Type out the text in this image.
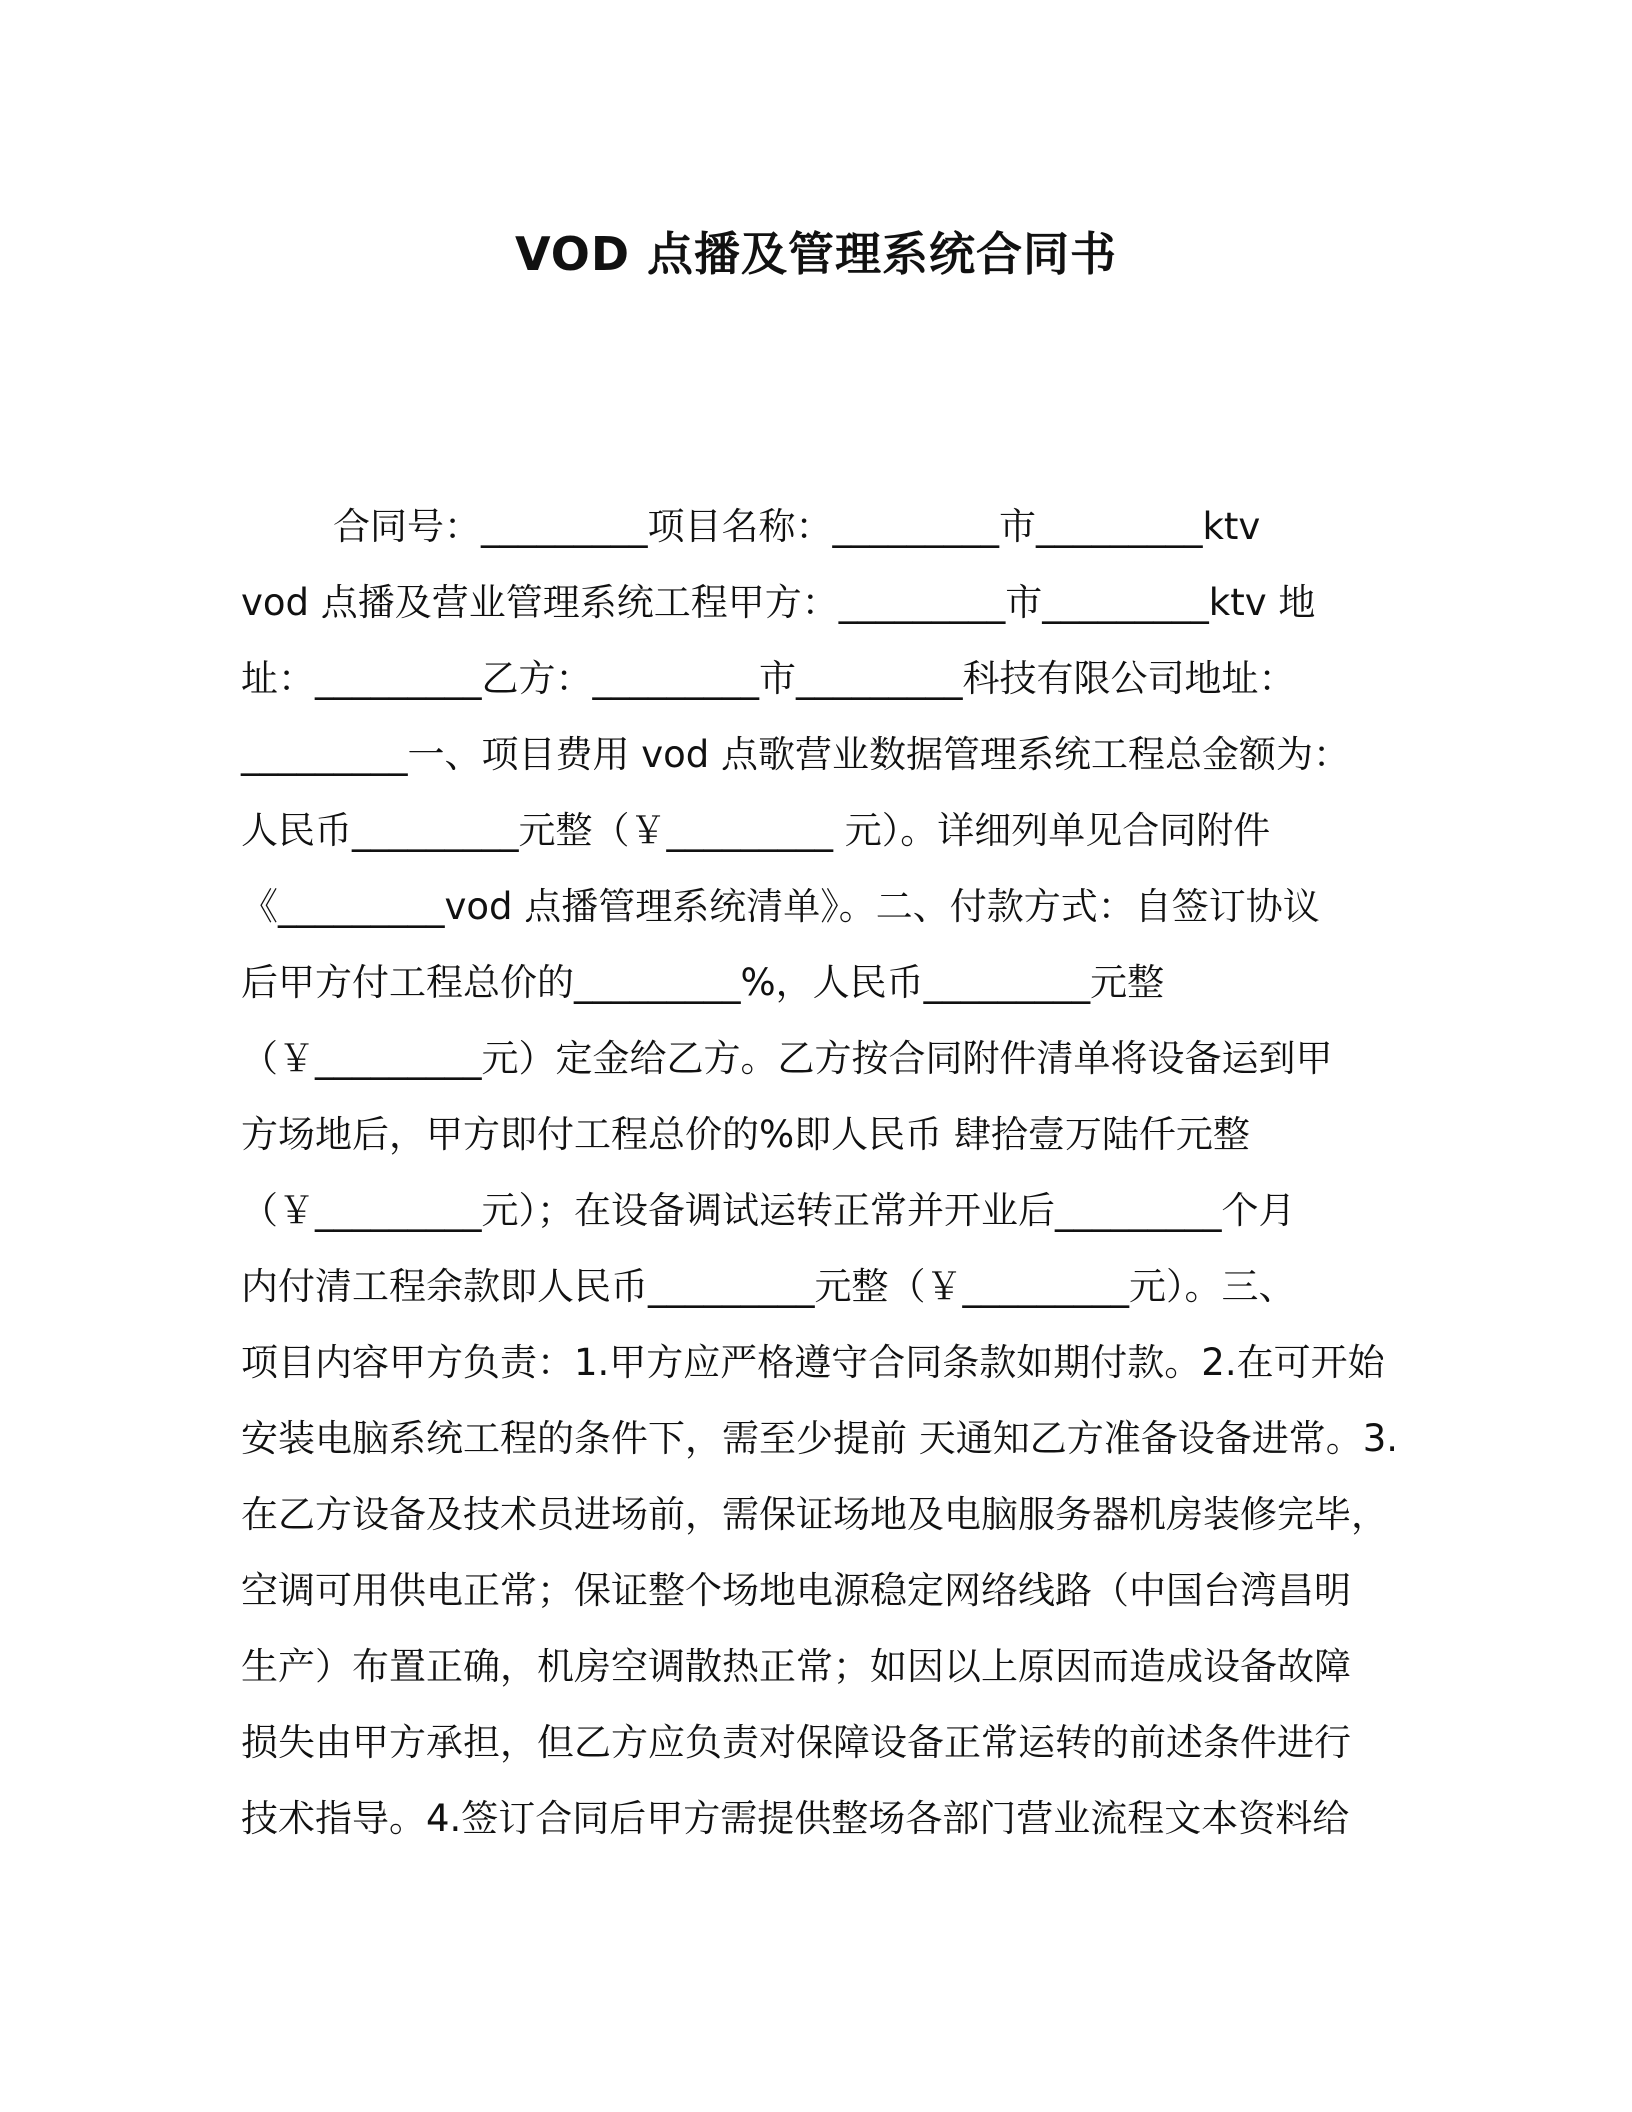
VOD 点播及管理系统合同书
合同号：_________项目名称：_________市_________ktv
vod 点播及营业管理系统工程甲方：_________市_________ktv 地
址：_________乙方：_________市_________科技有限公司地址：
_________一、项目费用 vod 点歌营业数据管理系统工程总金额为：
人民币_________元整（￥_________ 元）。详细列单见合同附件
《_________vod 点播管理系统清单》。二、付款方式：自签订协议
后甲方付工程总价的_________%，人民币_________元整
（￥_________元）定金给乙方。乙方按合同附件清单将设备运到甲
方场地后，甲方即付工程总价的%即人民币 肆拾壹万陆仟元整
（￥_________元）；在设备调试运转正常并开业后_________个月
内付清工程余款即人民币_________元整（￥_________元）。三、
项目内容甲方负责：1.甲方应严格遵守合同条款如期付款。2.在可开始
安装电脑系统工程的条件下，需至少提前 天通知乙方准备设备进常。3.
在乙方设备及技术员进场前，需保证场地及电脑服务器机房装修完毕，
空调可用供电正常；保证整个场地电源稳定网络线路（中国台湾昌明
生产）布置正确，机房空调散热正常；如因以上原因而造成设备故障
损失由甲方承担，但乙方应负责对保障设备正常运转的前述条件进行
技术指导。4.签订合同后甲方需提供整场各部门营业流程文本资料给
